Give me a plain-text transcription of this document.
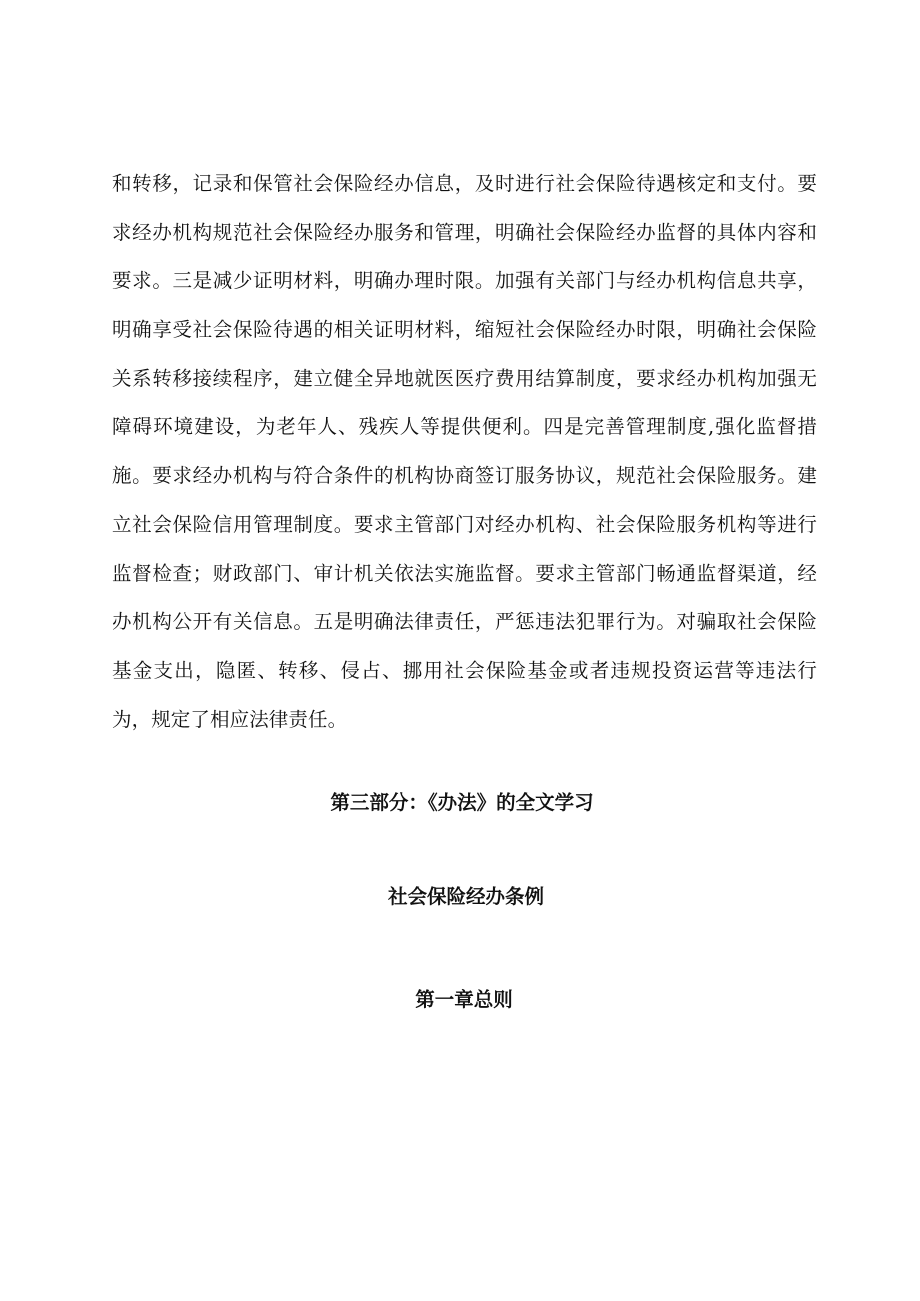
和转移，记录和保管社会保险经办信息，及时进行社会保险待遇核定和支付。要
求经办机构规范社会保险经办服务和管理，明确社会保险经办监督的具体内容和
要求。三是减少证明材料，明确办理时限。加强有关部门与经办机构信息共享，
明确享受社会保险待遇的相关证明材料，缩短社会保险经办时限，明确社会保险
关系转移接续程序，建立健全异地就医医疗费用结算制度，要求经办机构加强无
障碍环境建设，为老年人、残疾人等提供便利。四是完善管理制度,强化监督措
施。要求经办机构与符合条件的机构协商签订服务协议，规范社会保险服务。建
立社会保险信用管理制度。要求主管部门对经办机构、社会保险服务机构等进行
监督检查；财政部门、审计机关依法实施监督。要求主管部门畅通监督渠道，经
办机构公开有关信息。五是明确法律责任，严惩违法犯罪行为。对骗取社会保险
基金支出，隐匿、转移、侵占、挪用社会保险基金或者违规投资运营等违法行
为，规定了相应法律责任。
第三部分：《办法》的全文学习
社会保险经办条例
第一章总则
